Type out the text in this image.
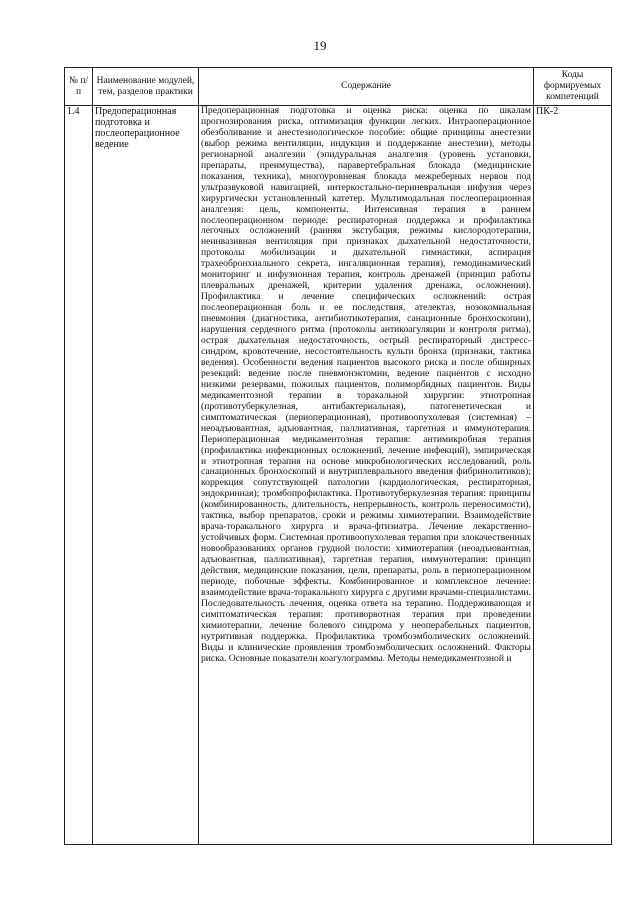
19
№ п/п	Наименование модулей, тем, разделов практики	Содержание	Коды формируемых компетенций
1.4	Предоперационная подготовка и послеоперационное ведение	Предоперационная подготовка и оценка риска: оценка по шкалам прогнозирования риска, оптимизация функции легких. Интраоперационное обезболивание и анестезиологическое пособие: общие принципы анестезии (выбор режима вентиляции, индукция и поддержание анестезии), методы регионарной аналгезии (эпидуральная аналгезия (уровень установки, препараты, преимущества), паравертебральная блокада (медицинские показания, техника), многоуровневая блокада межреберных нервов под ультразвуковой навигацией, интеркостально-периневральная инфузия через хирургически установленный катетер. Мультимодальная послеоперационная аналгезия: цель, компоненты. Интенсивная терапия в раннем послеоперационном периоде: респираторная поддержка и профилактика легочных осложнений (ранняя экстубация, режимы кислородотерапии, неинвазивная вентиляция при признаках дыхательной недостаточности, протоколы мобилизации и дыхательной гимнастики, аспирация трахеобронхиального секрета, ингаляционная терапия), гемодинамический мониторинг и инфузионная терапия, контроль дренажей (принцип работы плевральных дренажей, критерии удаления дренажа, осложнения). Профилактика и лечение специфических осложнений: острая послеоперационная боль и ее последствия, ателектаз, нозокомиальная пневмония (диагностика, антибиотикотерапия, санационные бронхоскопии), нарушения сердечного ритма (протоколы антикоагуляции и контроля ритма), острая дыхательная недостаточность, острый респираторный дистресс-синдром, кровотечение, несостоятельность культи бронха (признаки, тактика ведения). Особенности ведения пациентов высокого риска и после обширных резекций: ведение после пневмонэктомии, ведение пациентов с исходно низкими резервами, пожилых пациентов, полиморбидных пациентов. Виды медикаментозной терапии в торакальной хирургии: этиотропная (противотуберкулезная, антибактериальная), патогенетическая и симптоматическая (периоперационная), противоопухолевая (системная) – неоадъювантная, адъювантная, паллиативная, таргетная и иммунотерапия. Периоперационная медикаментозная терапия: антимикробная терапия (профилактика инфекционных осложнений, лечение инфекций), эмпирическая и этиотропная терапия на основе микробиологических исследований, роль санационных бронхоскопий и внутриплеврального введения фибринолитиков); коррекция сопутствующей патологии (кардиологическая, респираторная, эндокринная); тромбопрофилактика. Противотуберкулезная терапия: принципы (комбинированность, длительность, непрерывность, контроль переносимости), тактика, выбор препаратов, сроки и режимы химиотерапии. Взаимодействие врача-торакального хирурга и врача-фтизиатра. Лечение лекарственно-устойчивых форм. Системная противоопухолевая терапия при злокачественных новообразованиях органов грудной полости: химиотерапия (неоадъювантная, адъювантная, паллиативная), таргетная терапия, иммунотерапия: принцип действия, медицинские показания, цели, препараты, роль в периоперационном периоде, побочные эффекты. Комбинированное и комплексное лечение: взаимодействие врача-торакального хирурга с другими врачами-специалистами. Последовательность лечения, оценка ответа на терапию. Поддерживающая и симптоматическая терапия: противорвотная терапия при проведении химиотерапии, лечение болевого синдрома у неоперабельных пациентов, нутритивная поддержка. Профилактика тромбоэмболических осложнений. Виды и клинические проявления тромбоэмболических осложнений. Факторы риска. Основные показатели коагулограммы. Методы немедикаментозной и	ПК-2
